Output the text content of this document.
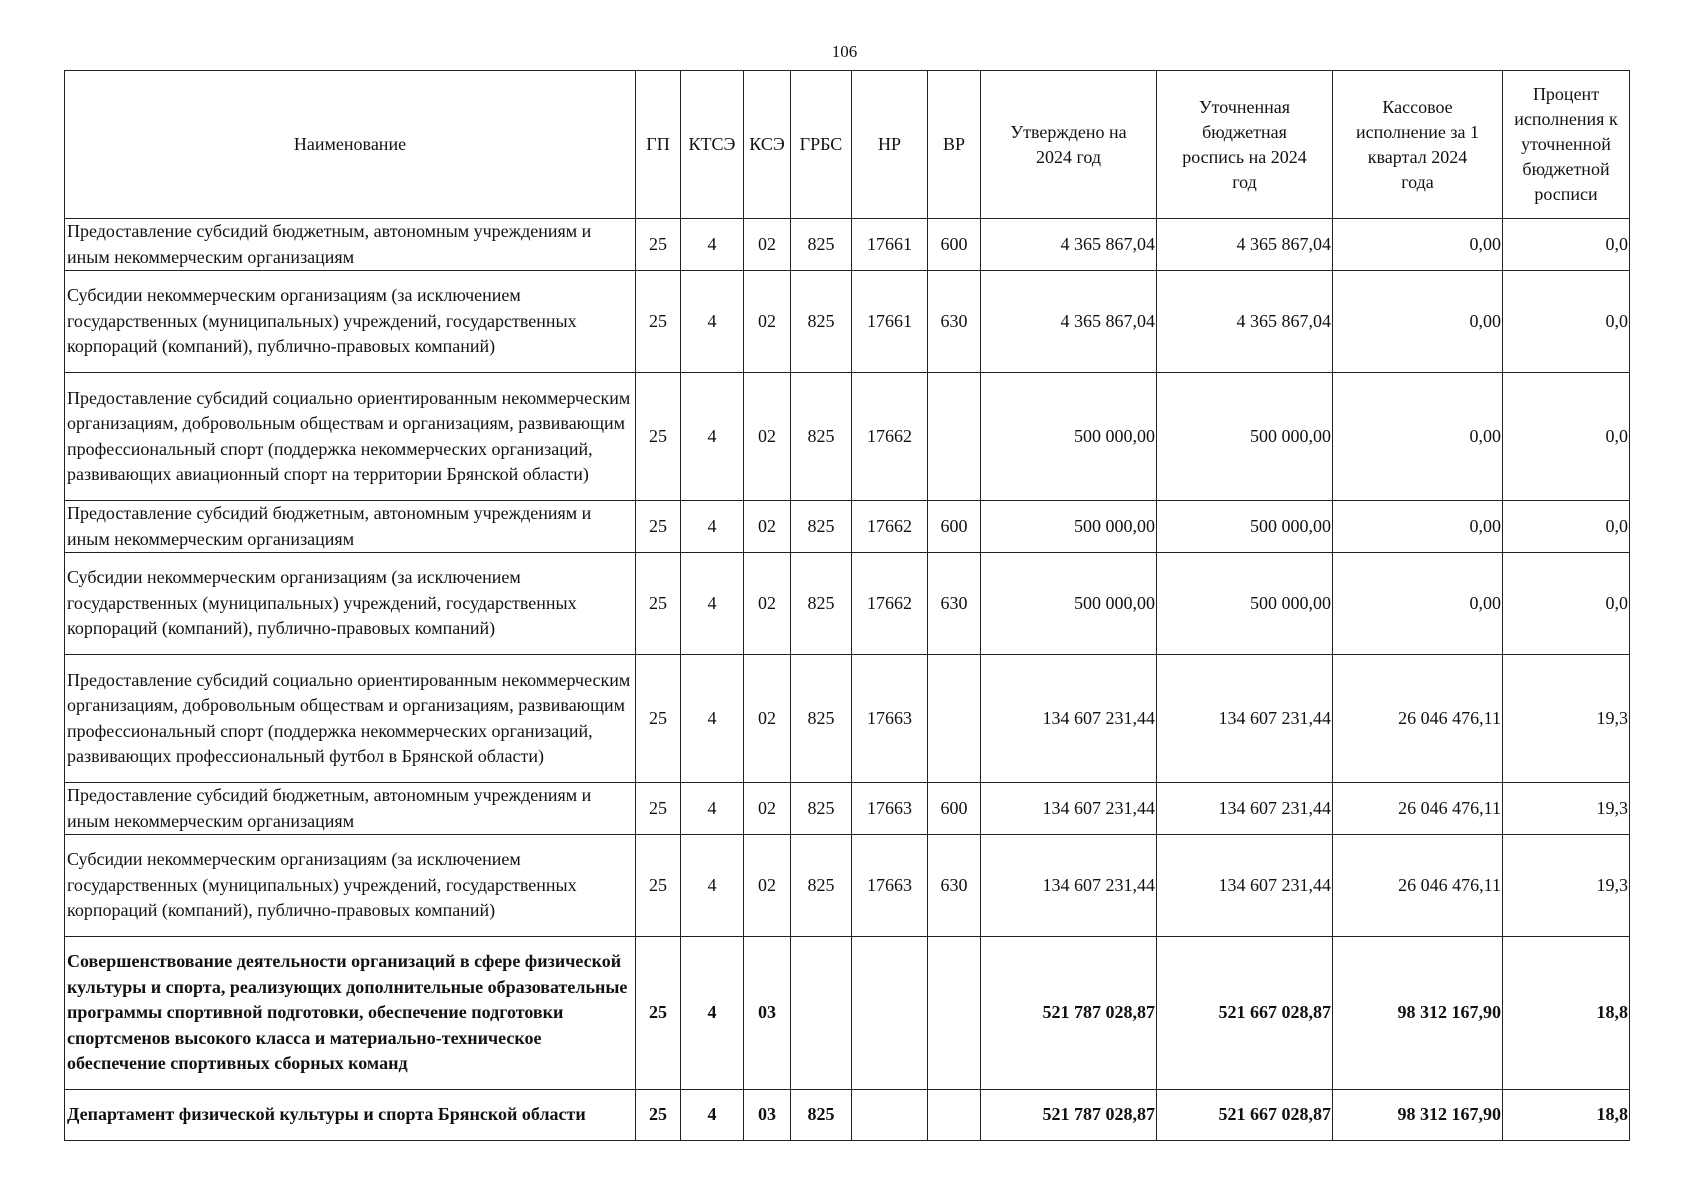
106
Наименование	ГП	КТСЭ	КСЭ	ГРБС	НР	ВР	Утверждено на 2024 год	Уточненная бюджетная роспись на 2024 год	Кассовое исполнение за 1 квартал 2024 года	Процент исполнения к уточненной бюджетной росписи
Предоставление субсидий бюджетным, автономным учреждениям и иным некоммерческим организациям	25	4	02	825	17661	600	4 365 867,04	4 365 867,04	0,00	0,0
Субсидии некоммерческим организациям (за исключением государственных (муниципальных) учреждений, государственных корпораций (компаний), публично-правовых компаний)	25	4	02	825	17661	630	4 365 867,04	4 365 867,04	0,00	0,0
Предоставление субсидий социально ориентированным некоммерческим организациям, добровольным обществам и организациям, развивающим профессиональный спорт (поддержка некоммерческих организаций, развивающих авиационный спорт на территории Брянской области)	25	4	02	825	17662		500 000,00	500 000,00	0,00	0,0
Предоставление субсидий бюджетным, автономным учреждениям и иным некоммерческим организациям	25	4	02	825	17662	600	500 000,00	500 000,00	0,00	0,0
Субсидии некоммерческим организациям (за исключением государственных (муниципальных) учреждений, государственных корпораций (компаний), публично-правовых компаний)	25	4	02	825	17662	630	500 000,00	500 000,00	0,00	0,0
Предоставление субсидий социально ориентированным некоммерческим организациям, добровольным обществам и организациям, развивающим профессиональный спорт (поддержка некоммерческих организаций, развивающих профессиональный футбол в Брянской области)	25	4	02	825	17663		134 607 231,44	134 607 231,44	26 046 476,11	19,3
Предоставление субсидий бюджетным, автономным учреждениям и иным некоммерческим организациям	25	4	02	825	17663	600	134 607 231,44	134 607 231,44	26 046 476,11	19,3
Субсидии некоммерческим организациям (за исключением государственных (муниципальных) учреждений, государственных корпораций (компаний), публично-правовых компаний)	25	4	02	825	17663	630	134 607 231,44	134 607 231,44	26 046 476,11	19,3
Совершенствование деятельности организаций в сфере физической культуры и спорта, реализующих дополнительные образовательные программы спортивной подготовки, обеспечение подготовки спортсменов высокого класса и материально-техническое обеспечение спортивных сборных команд	25	4	03				521 787 028,87	521 667 028,87	98 312 167,90	18,8
Департамент физической культуры и спорта Брянской области	25	4	03	825			521 787 028,87	521 667 028,87	98 312 167,90	18,8
